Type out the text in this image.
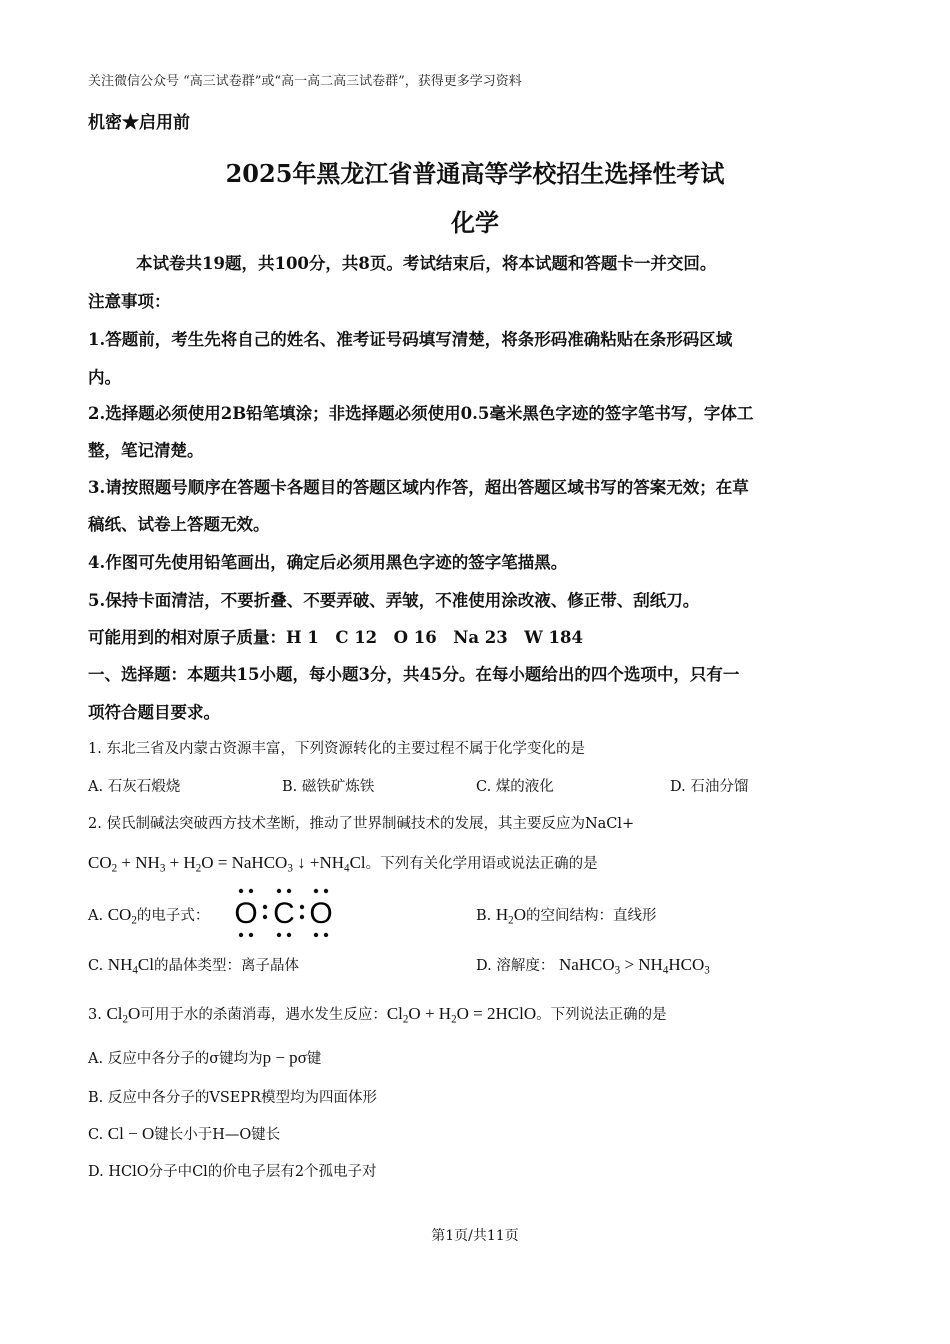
关注微信公众号 “高三试卷群”或“高一高二高三试卷群”，获得更多学习资料
机密★启用前
2025年黑龙江省普通高等学校招生选择性考试
化学
本试卷共19题，共100分，共8页。考试结束后，将本试题和答题卡一并交回。
注意事项：
1.答题前，考生先将自己的姓名、准考证号码填写清楚，将条形码准确粘贴在条形码区域
内。
2.选择题必须使用2B铅笔填涂；非选择题必须使用0.5毫米黑色字迹的签字笔书写，字体工
整，笔记清楚。
3.请按照题号顺序在答题卡各题目的答题区域内作答，超出答题区域书写的答案无效；在草
稿纸、试卷上答题无效。
4.作图可先使用铅笔画出，确定后必须用黑色字迹的签字笔描黑。
5.保持卡面清洁，不要折叠、不要弄破、弄皱，不准使用涂改液、修正带、刮纸刀。
可能用到的相对原子质量：H 1　C 12　O 16　Na 23　W 184
一、选择题：本题共15小题，每小题3分，共45分。在每小题给出的四个选项中，只有一
项符合题目要求。
1. 东北三省及内蒙古资源丰富，下列资源转化的主要过程不属于化学变化的是
A. 石灰石煅烧	B. 磁铁矿炼铁	C. 煤的液化	D. 石油分馏
2. 侯氏制碱法突破西方技术垄断，推动了世界制碱技术的发展，其主要反应为NaCl+
$CO_2 + NH_3 + H_2O$ = NaHCO$_3$ ↓ $+NH_4Cl$。下列有关化学用语或说法正确的是
A. $CO_2$的电子式： O C O	B. $H_2O$的空间结构：直线形
C. $NH_4Cl$的晶体类型：离子晶体	D. 溶解度： NaHCO$_3$ > $NH_4HCO_3$
3. $Cl_2O$可用于水的杀菌消毒，遇水发生反应：$Cl_2O + H_2O$ = 2HClO。下列说法正确的是
A. 反应中各分子的σ键均为p − pσ键
B. 反应中各分子的VSEPR模型均为四面体形
C. Cl − O键长小于H—O键长
D. HClO分子中Cl的价电子层有2个孤电子对
第1页/共11页
